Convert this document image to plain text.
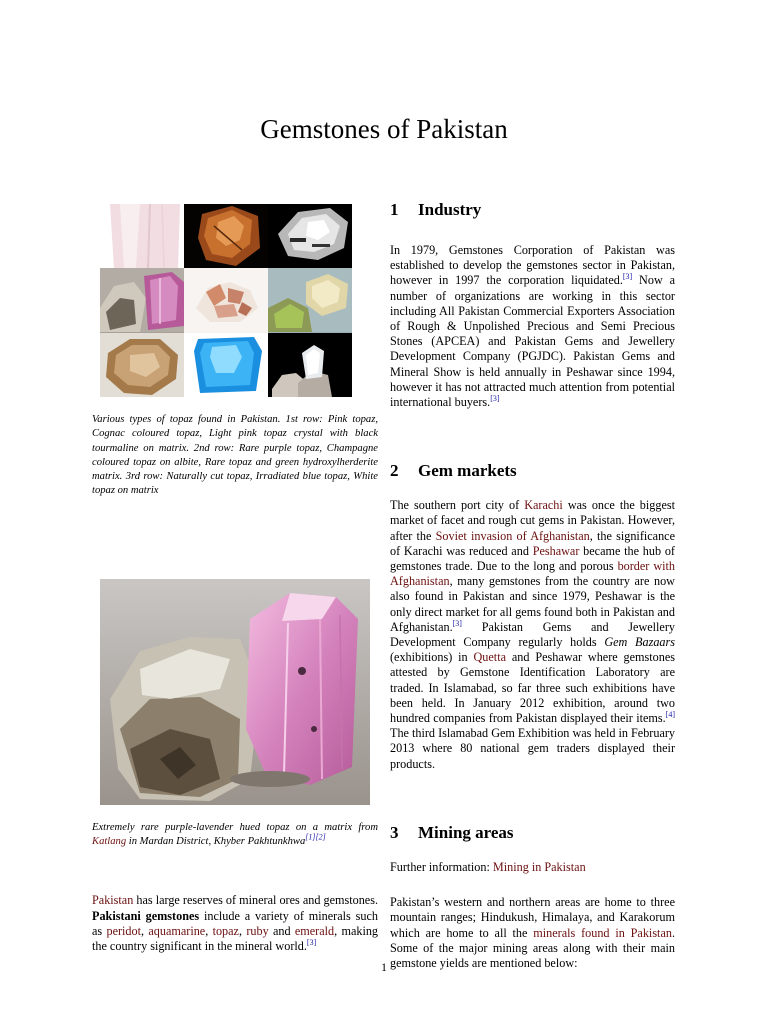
Gemstones of Pakistan

Various types of topaz found in Pakistan. 1st row: Pink topaz, Cognac coloured topaz, Light pink topaz crystal with black tourmaline on matrix. 2nd row: Rare purple topaz, Champagne coloured topaz on albite, Rare topaz and green hydroxylherderite matrix. 3rd row: Naturally cut topaz, Irradiated blue topaz, White topaz on matrix

Extremely rare purple-lavender hued topaz on a matrix from Katlang in Mardan District, Khyber Pakhtunkhwa[1][2]

Pakistan has large reserves of mineral ores and gemstones. Pakistani gemstones include a variety of minerals such as peridot, aquamarine, topaz, ruby and emerald, making the country significant in the mineral world.[3]

1	Industry

In 1979, Gemstones Corporation of Pakistan was established to develop the gemstones sector in Pakistan, however in 1997 the corporation liquidated.[3] Now a number of organizations are working in this sector including All Pakistan Commercial Exporters Association of Rough & Unpolished Precious and Semi Precious Stones (APCEA) and Pakistan Gems and Jewellery Development Company (PGJDC). Pakistan Gems and Mineral Show is held annually in Peshawar since 1994, however it has not attracted much attention from potential international buyers.[3]

2	Gem markets

The southern port city of Karachi was once the biggest market of facet and rough cut gems in Pakistan. However, after the Soviet invasion of Afghanistan, the significance of Karachi was reduced and Peshawar became the hub of gemstones trade. Due to the long and porous border with Afghanistan, many gemstones from the country are now also found in Pakistan and since 1979, Peshawar is the only direct market for all gems found both in Pakistan and Afghanistan.[3] Pakistan Gems and Jewellery Development Company regularly holds Gem Bazaars (exhibitions) in Quetta and Peshawar where gemstones attested by Gemstone Identification Laboratory are traded. In Islamabad, so far three such exhibitions have been held. In January 2012 exhibition, around two hundred companies from Pakistan displayed their items.[4] The third Islamabad Gem Exhibition was held in February 2013 where 80 national gem traders displayed their products.

3	Mining areas

Further information: Mining in Pakistan

Pakistan’s western and northern areas are home to three mountain ranges; Hindukush, Himalaya, and Karakorum which are home to all the minerals found in Pakistan. Some of the major mining areas along with their main gemstone yields are mentioned below:

1
